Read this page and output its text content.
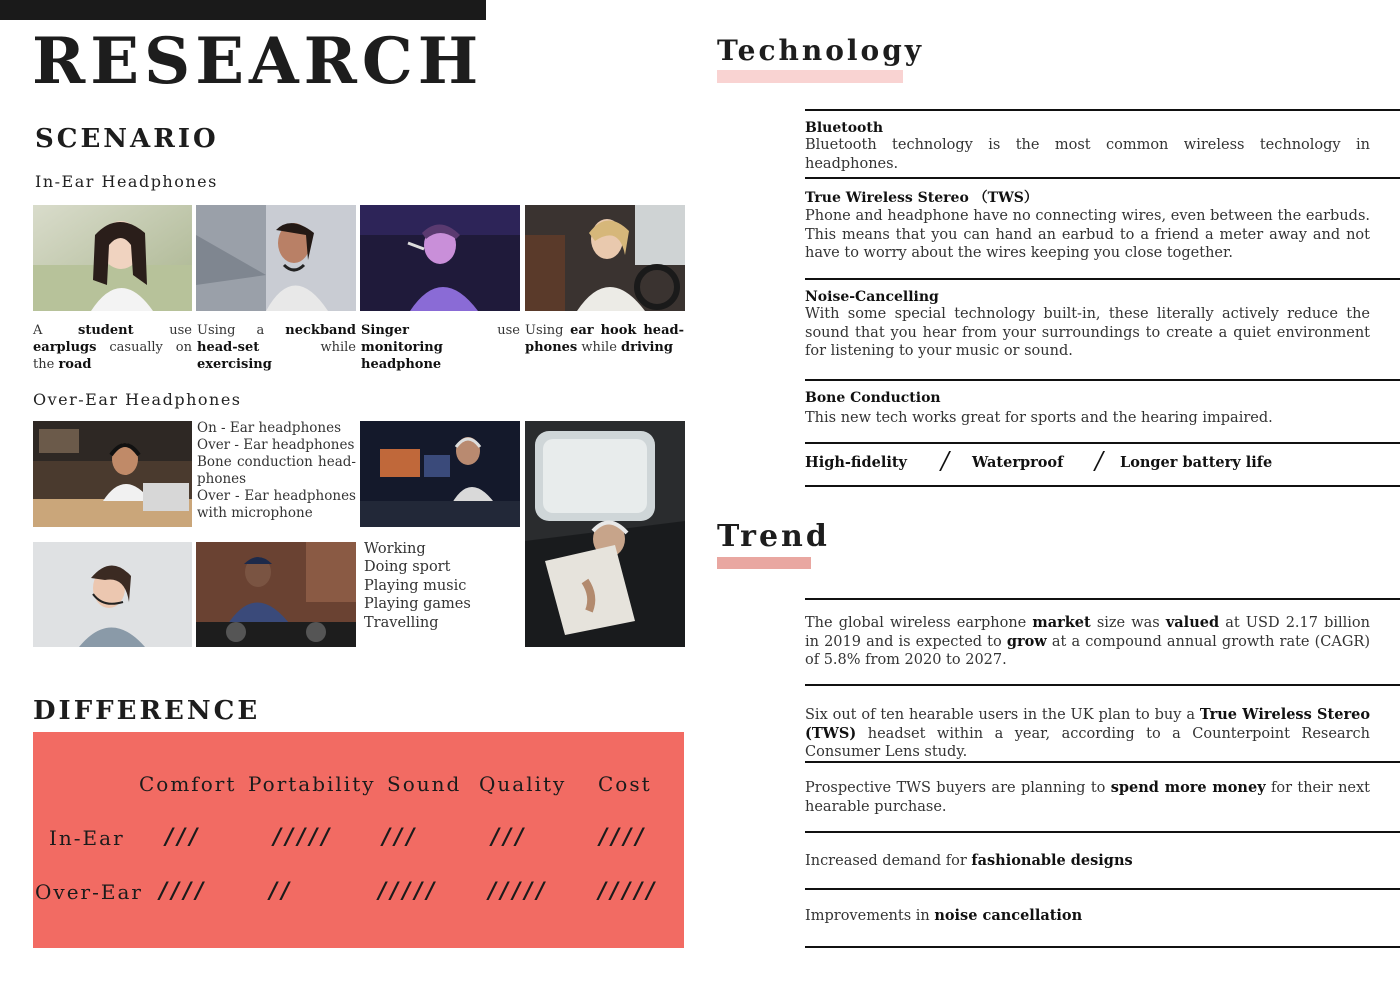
RESEARCH
SCENARIO
In-Ear Headphones
A student use earplugs casually on the road
Using a neckband head-set while exercising
Singer use monitoring headphone
Using ear hook head-phones while driving
Over-Ear Headphones
On - Ear headphones
Over - Ear headphones
Bone conduction head-phones
Over - Ear headphones with microphone
Working
Doing sport
Playing music
Playing games
Travelling
DIFFERENCE
Comfort Portability Sound Quality Cost
In-Ear ///	///// ///	///	////
Over-Ear ////	//	///// ///// /////
Technology
Bluetooth
Bluetooth technology is the most common wireless technology in headphones.
True Wireless Stereo （TWS）
Phone and headphone have no connecting wires, even between the earbuds. This means that you can hand an earbud to a friend a meter away and not have to worry about the wires keeping you close together.
Noise-Cancelling
With some special technology built-in, these literally actively reduce the sound that you hear from your surroundings to create a quiet environment for listening to your music or sound.
Bone Conduction
This new tech works great for sports and the hearing impaired.
High-fidelity / Waterproof / Longer battery life
Trend
The global wireless earphone market size was valued at USD 2.17 billion in 2019 and is expected to grow at a compound annual growth rate (CAGR) of 5.8% from 2020 to 2027.
Six out of ten hearable users in the UK plan to buy a True Wireless Stereo (TWS) headset within a year, according to a Counterpoint Research Consumer Lens study.
Prospective TWS buyers are planning to spend more money for their next hearable purchase.
Increased demand for fashionable designs
Improvements in noise cancellation
